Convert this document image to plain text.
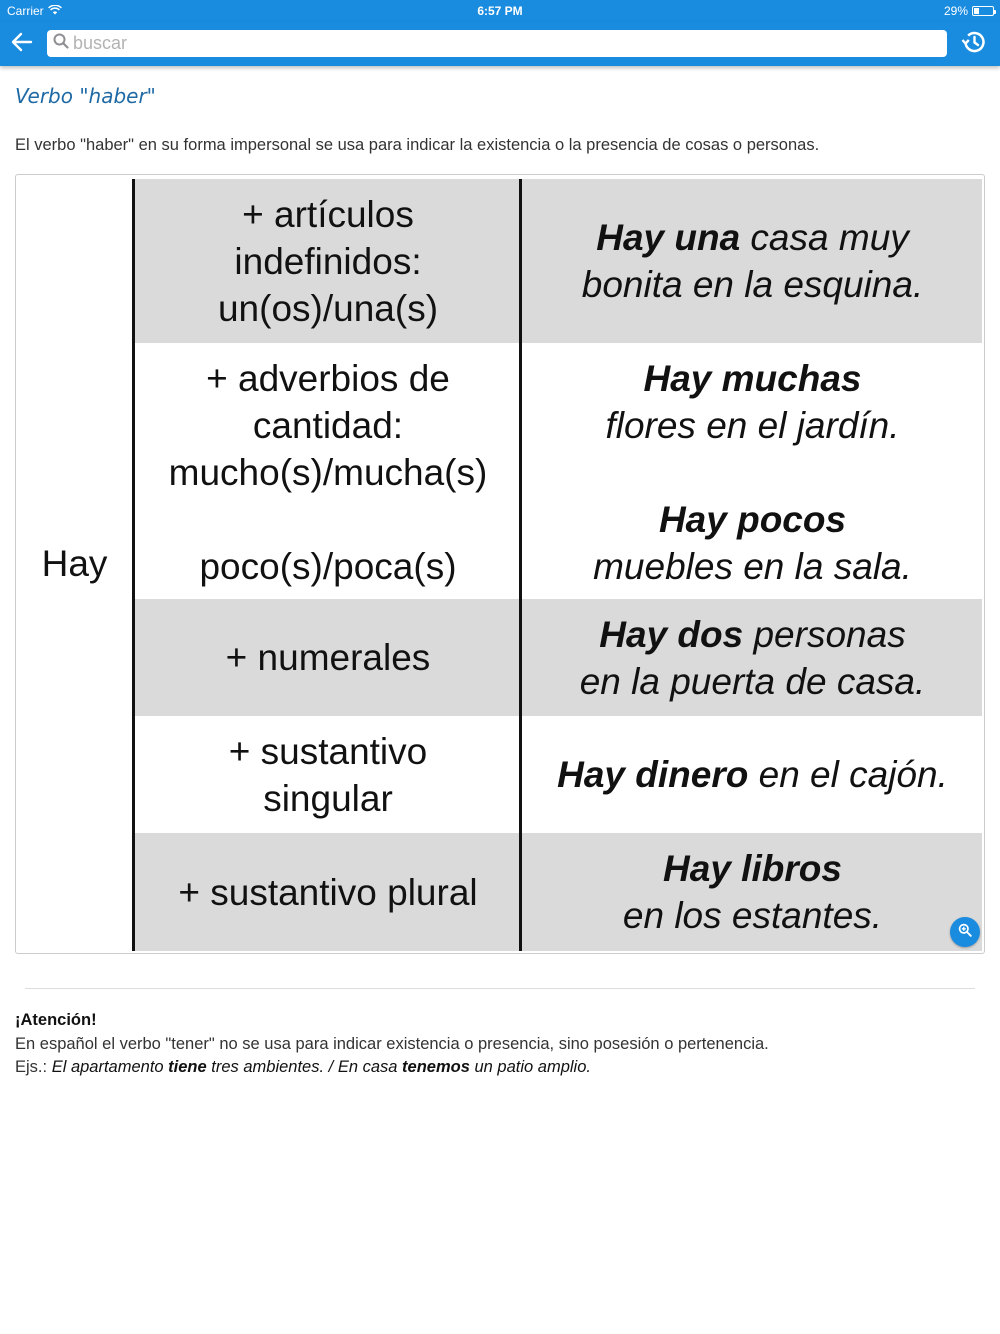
Carrier	6:57 PM	29%
buscar
Verbo "haber"
El verbo "haber" en su forma impersonal se usa para indicar la existencia o la presencia de cosas o personas.
Hay
+ artículos
indefinidos:
un(os)/una(s)
Hay una casa muy
bonita en la esquina.
+ adverbios de
cantidad:
mucho(s)/mucha(s)
poco(s)/poca(s)
Hay muchas
flores en el jardín.
Hay pocos
muebles en la sala.
+ numerales
Hay dos personas
en la puerta de casa.
+ sustantivo
singular
Hay dinero en el cajón.
+ sustantivo plural
Hay libros
en los estantes.
¡Atención!
En español el verbo "tener" no se usa para indicar existencia o presencia, sino posesión o pertenencia.
Ejs.: El apartamento tiene tres ambientes. / En casa tenemos un patio amplio.
